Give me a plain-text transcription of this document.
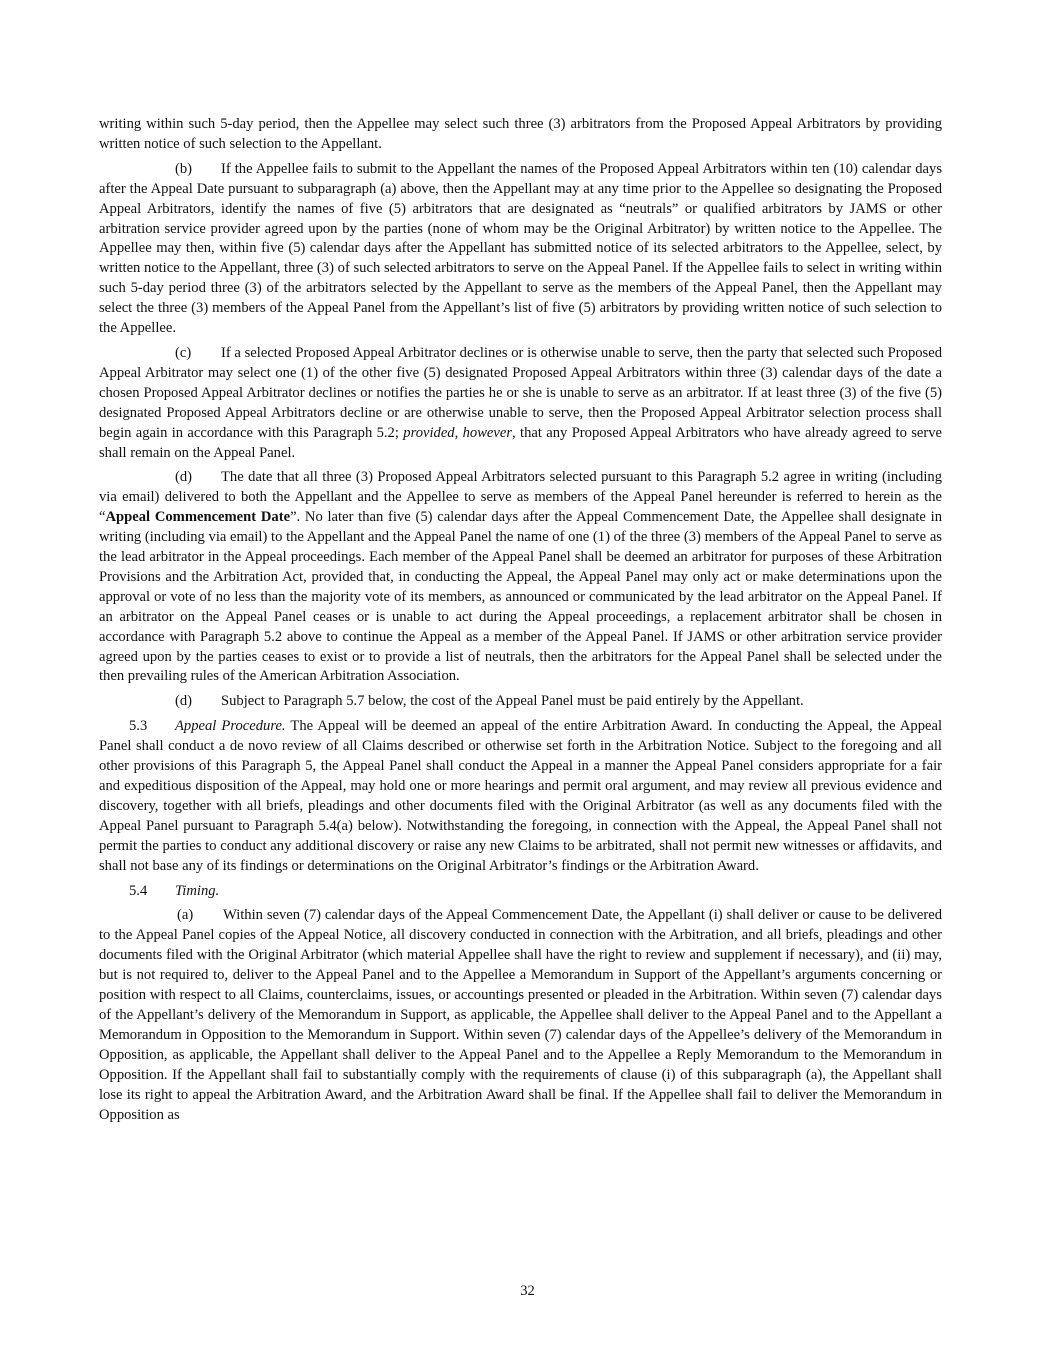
writing within such 5-day period, then the Appellee may select such three (3) arbitrators from the Proposed Appeal Arbitrators by providing written notice of such selection to the Appellant.

(b) If the Appellee fails to submit to the Appellant the names of the Proposed Appeal Arbitrators within ten (10) calendar days after the Appeal Date pursuant to subparagraph (a) above, then the Appellant may at any time prior to the Appellee so designating the Proposed Appeal Arbitrators, identify the names of five (5) arbitrators that are designated as “neutrals” or qualified arbitrators by JAMS or other arbitration service provider agreed upon by the parties (none of whom may be the Original Arbitrator) by written notice to the Appellee. The Appellee may then, within five (5) calendar days after the Appellant has submitted notice of its selected arbitrators to the Appellee, select, by written notice to the Appellant, three (3) of such selected arbitrators to serve on the Appeal Panel. If the Appellee fails to select in writing within such 5-day period three (3) of the arbitrators selected by the Appellant to serve as the members of the Appeal Panel, then the Appellant may select the three (3) members of the Appeal Panel from the Appellant’s list of five (5) arbitrators by providing written notice of such selection to the Appellee.

(c) If a selected Proposed Appeal Arbitrator declines or is otherwise unable to serve, then the party that selected such Proposed Appeal Arbitrator may select one (1) of the other five (5) designated Proposed Appeal Arbitrators within three (3) calendar days of the date a chosen Proposed Appeal Arbitrator declines or notifies the parties he or she is unable to serve as an arbitrator. If at least three (3) of the five (5) designated Proposed Appeal Arbitrators decline or are otherwise unable to serve, then the Proposed Appeal Arbitrator selection process shall begin again in accordance with this Paragraph 5.2; provided, however, that any Proposed Appeal Arbitrators who have already agreed to serve shall remain on the Appeal Panel.

(d) The date that all three (3) Proposed Appeal Arbitrators selected pursuant to this Paragraph 5.2 agree in writing (including via email) delivered to both the Appellant and the Appellee to serve as members of the Appeal Panel hereunder is referred to herein as the “Appeal Commencement Date”. No later than five (5) calendar days after the Appeal Commencement Date, the Appellee shall designate in writing (including via email) to the Appellant and the Appeal Panel the name of one (1) of the three (3) members of the Appeal Panel to serve as the lead arbitrator in the Appeal proceedings. Each member of the Appeal Panel shall be deemed an arbitrator for purposes of these Arbitration Provisions and the Arbitration Act, provided that, in conducting the Appeal, the Appeal Panel may only act or make determinations upon the approval or vote of no less than the majority vote of its members, as announced or communicated by the lead arbitrator on the Appeal Panel. If an arbitrator on the Appeal Panel ceases or is unable to act during the Appeal proceedings, a replacement arbitrator shall be chosen in accordance with Paragraph 5.2 above to continue the Appeal as a member of the Appeal Panel. If JAMS or other arbitration service provider agreed upon by the parties ceases to exist or to provide a list of neutrals, then the arbitrators for the Appeal Panel shall be selected under the then prevailing rules of the American Arbitration Association.

(d) Subject to Paragraph 5.7 below, the cost of the Appeal Panel must be paid entirely by the Appellant.

5.3 Appeal Procedure. The Appeal will be deemed an appeal of the entire Arbitration Award. In conducting the Appeal, the Appeal Panel shall conduct a de novo review of all Claims described or otherwise set forth in the Arbitration Notice. Subject to the foregoing and all other provisions of this Paragraph 5, the Appeal Panel shall conduct the Appeal in a manner the Appeal Panel considers appropriate for a fair and expeditious disposition of the Appeal, may hold one or more hearings and permit oral argument, and may review all previous evidence and discovery, together with all briefs, pleadings and other documents filed with the Original Arbitrator (as well as any documents filed with the Appeal Panel pursuant to Paragraph 5.4(a) below). Notwithstanding the foregoing, in connection with the Appeal, the Appeal Panel shall not permit the parties to conduct any additional discovery or raise any new Claims to be arbitrated, shall not permit new witnesses or affidavits, and shall not base any of its findings or determinations on the Original Arbitrator’s findings or the Arbitration Award.

5.4 Timing.

(a) Within seven (7) calendar days of the Appeal Commencement Date, the Appellant (i) shall deliver or cause to be delivered to the Appeal Panel copies of the Appeal Notice, all discovery conducted in connection with the Arbitration, and all briefs, pleadings and other documents filed with the Original Arbitrator (which material Appellee shall have the right to review and supplement if necessary), and (ii) may, but is not required to, deliver to the Appeal Panel and to the Appellee a Memorandum in Support of the Appellant’s arguments concerning or position with respect to all Claims, counterclaims, issues, or accountings presented or pleaded in the Arbitration. Within seven (7) calendar days of the Appellant’s delivery of the Memorandum in Support, as applicable, the Appellee shall deliver to the Appeal Panel and to the Appellant a Memorandum in Opposition to the Memorandum in Support. Within seven (7) calendar days of the Appellee’s delivery of the Memorandum in Opposition, as applicable, the Appellant shall deliver to the Appeal Panel and to the Appellee a Reply Memorandum to the Memorandum in Opposition. If the Appellant shall fail to substantially comply with the requirements of clause (i) of this subparagraph (a), the Appellant shall lose its right to appeal the Arbitration Award, and the Arbitration Award shall be final. If the Appellee shall fail to deliver the Memorandum in Opposition as

32
